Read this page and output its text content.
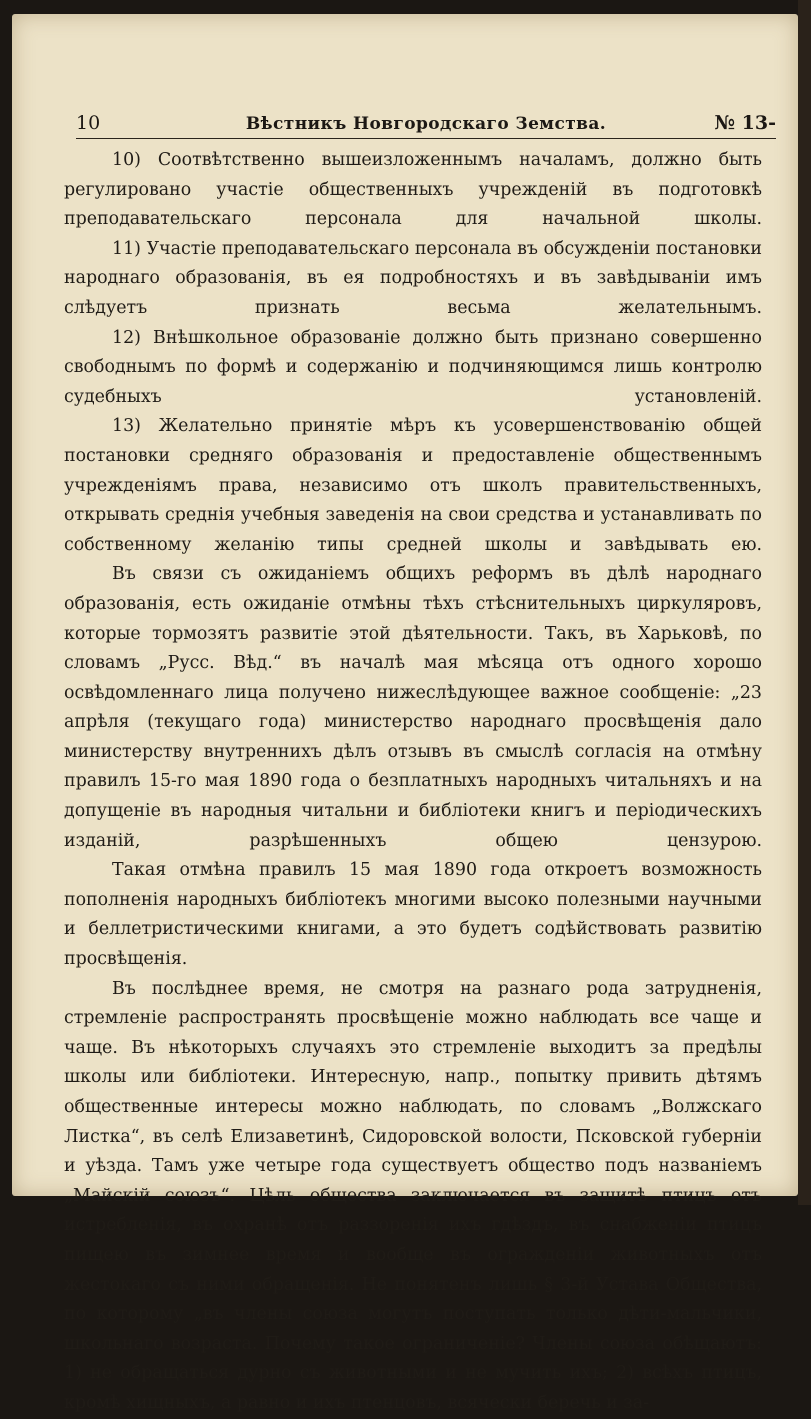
10	Вѣстникъ Новгородскаго Земства.	№ 13-

10) Соотвѣтственно вышеизложеннымъ началамъ, должно быть регулировано участіе общественныхъ учрежденій въ подготовкѣ преподавательскаго персонала для начальной школы.

11) Участіе преподавательскаго персонала въ обсужденіи постановки народнаго образованія, въ ея подробностяхъ и въ завѣдываніи имъ слѣдуетъ признать весьма желательнымъ.

12) Внѣшкольное образованіе должно быть признано совершенно свободнымъ по формѣ и содержанію и подчиняющимся лишь контролю судебныхъ установленій.

13) Желательно принятіе мѣръ къ усовершенствованію общей постановки средняго образованія и предоставленіе общественнымъ учрежденіямъ права, независимо отъ школъ правительственныхъ, открывать среднія учебныя заведенія на свои средства и устанавливать по собственному желанію типы средней школы и завѣдывать ею.

Въ связи съ ожиданіемъ общихъ реформъ въ дѣлѣ народнаго образованія, есть ожиданіе отмѣны тѣхъ стѣснительныхъ циркуляровъ, которые тормозятъ развитіе этой дѣятельности. Такъ, въ Харьковѣ, по словамъ „Русс. Вѣд.“ въ началѣ мая мѣсяца отъ одного хорошо освѣдомленнаго лица получено нижеслѣдующее важное сообщеніе: „23 апрѣля (текущаго года) министерство народнаго просвѣщенія дало министерству внутреннихъ дѣлъ отзывъ въ смыслѣ согласія на отмѣну правилъ 15-го мая 1890 года о безплатныхъ народныхъ читальняхъ и на допущеніе въ народныя читальни и библіотеки книгъ и періодическихъ изданій, разрѣшенныхъ общею цензурою.

Такая отмѣна правилъ 15 мая 1890 года откроетъ возможность пополненія народныхъ библіотекъ многими высоко полезными научными и беллетристическими книгами, а это будетъ содѣйствовать развитію просвѣщенія.

Въ послѣднее время, не смотря на разнаго рода затрудненія, стремленіе распространять просвѣщеніе можно наблюдать все чаще и чаще. Въ нѣкоторыхъ случаяхъ это стремленіе выходитъ за предѣлы школы или библіотеки. Интересную, напр., попытку привить дѣтямъ общественные интересы можно наблюдать, по словамъ „Волжскаго Листка“, въ селѣ Елизаветинѣ, Сидоровской волости, Псковской губерніи и уѣзда. Тамъ уже четыре года существуетъ общество подъ названіемъ „Майскій союзъ“. Цѣль общества заключается въ защитѣ птицъ отъ истребленія, въ охранѣ отъ раззоренія ихъ гдѣздъ, въ снабженіи птицъ пищею въ зимнее время и вообще въ огражденіи животныхъ отъ жестокаго съ ними обращенія. Не понятенъ лишь § 3-й Устава Общества, по которому „въ члены союза могутъ поступать только дѣти-мальчики, школьнаго возраста. Почему такое ограниченіе? Члены союза обѣщаютъ: 1) не обращаться дурно съ животными и не мучить ихъ; 2) всѣхъ птицъ, кромѣ хищныхъ, а равно и ихъ птенцовъ, всячески беречь и за-
